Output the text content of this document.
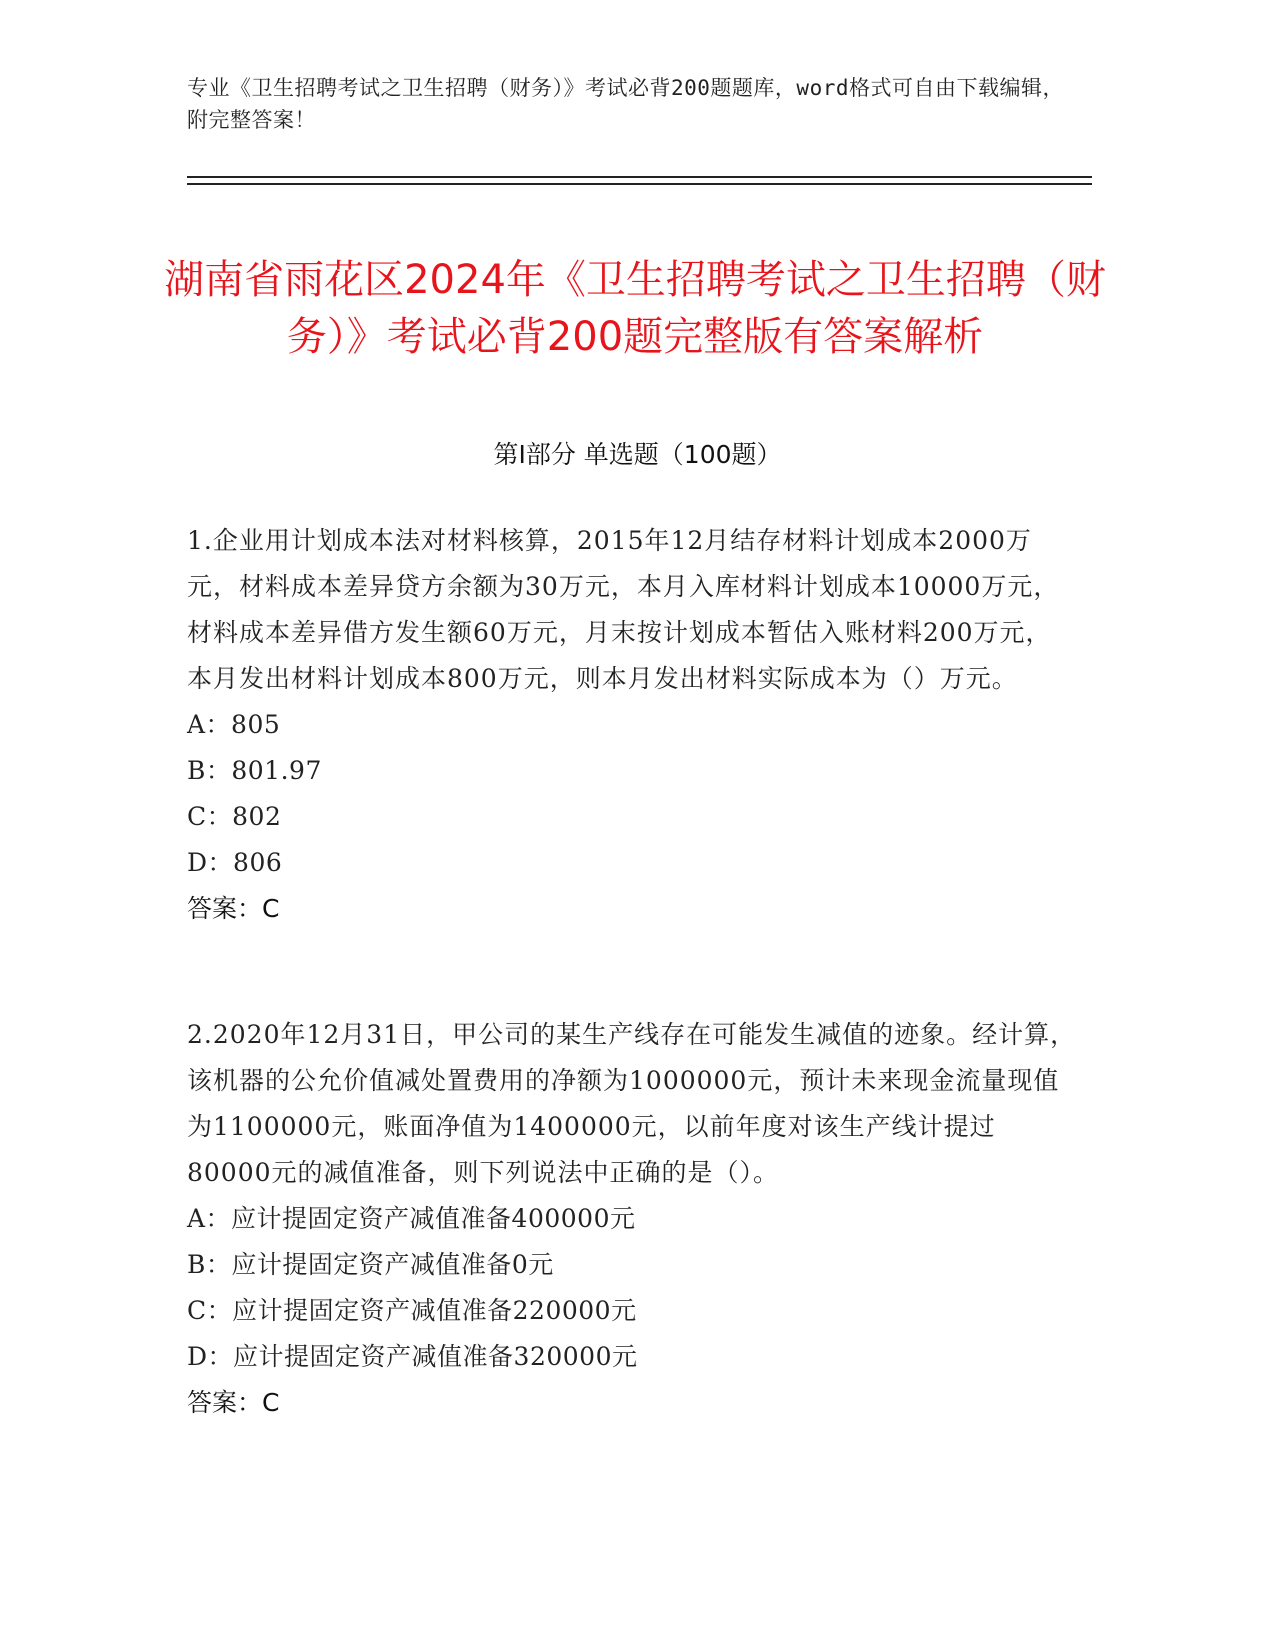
专业《卫生招聘考试之卫生招聘（财务）》考试必背200题题库，word格式可自由下载编辑，附完整答案！
湖南省雨花区2024年《卫生招聘考试之卫生招聘（财务）》考试必背200题完整版有答案解析
第I部分 单选题（100题）
1.企业用计划成本法对材料核算，2015年12月结存材料计划成本2000万元，材料成本差异贷方余额为30万元，本月入库材料计划成本10000万元，材料成本差异借方发生额60万元，月末按计划成本暂估入账材料200万元，本月发出材料计划成本800万元，则本月发出材料实际成本为（）万元。
A：805
B：801.97
C：802
D：806
答案：C
2.2020年12月31日，甲公司的某生产线存在可能发生减值的迹象。经计算，该机器的公允价值减处置费用的净额为1000000元，预计未来现金流量现值为1100000元，账面净值为1400000元，以前年度对该生产线计提过80000元的减值准备，则下列说法中正确的是（）。
A：应计提固定资产减值准备400000元
B：应计提固定资产减值准备0元
C：应计提固定资产减值准备220000元
D：应计提固定资产减值准备320000元
答案：C
